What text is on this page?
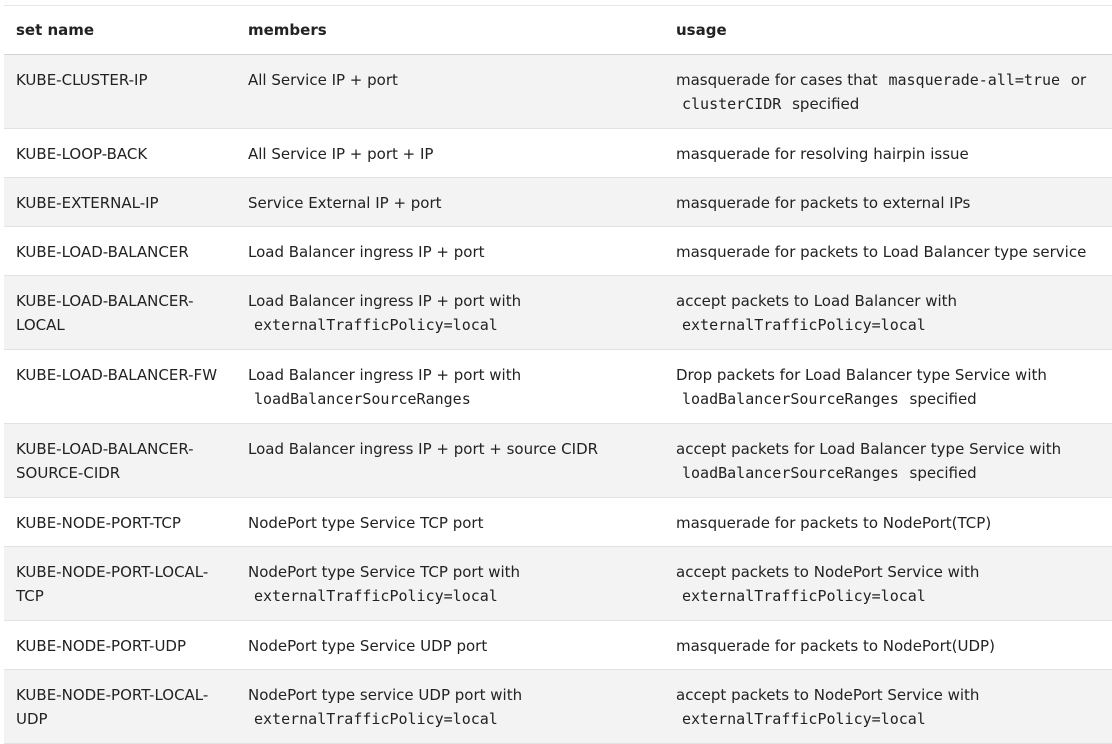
set name	members	usage
KUBE-CLUSTER-IP	All Service IP + port	masquerade for cases that masquerade-all=true or clusterCIDR specified
KUBE-LOOP-BACK	All Service IP + port + IP	masquerade for resolving hairpin issue
KUBE-EXTERNAL-IP	Service External IP + port	masquerade for packets to external IPs
KUBE-LOAD-BALANCER	Load Balancer ingress IP + port	masquerade for packets to Load Balancer type service
KUBE-LOAD-BALANCER-LOCAL	Load Balancer ingress IP + port with externalTrafficPolicy=local	accept packets to Load Balancer with externalTrafficPolicy=local
KUBE-LOAD-BALANCER-FW	Load Balancer ingress IP + port with loadBalancerSourceRanges	Drop packets for Load Balancer type Service with loadBalancerSourceRanges specified
KUBE-LOAD-BALANCER-SOURCE-CIDR	Load Balancer ingress IP + port + source CIDR	accept packets for Load Balancer type Service with loadBalancerSourceRanges specified
KUBE-NODE-PORT-TCP	NodePort type Service TCP port	masquerade for packets to NodePort(TCP)
KUBE-NODE-PORT-LOCAL-TCP	NodePort type Service TCP port with externalTrafficPolicy=local	accept packets to NodePort Service with externalTrafficPolicy=local
KUBE-NODE-PORT-UDP	NodePort type Service UDP port	masquerade for packets to NodePort(UDP)
KUBE-NODE-PORT-LOCAL-UDP	NodePort type service UDP port with externalTrafficPolicy=local	accept packets to NodePort Service with externalTrafficPolicy=local
